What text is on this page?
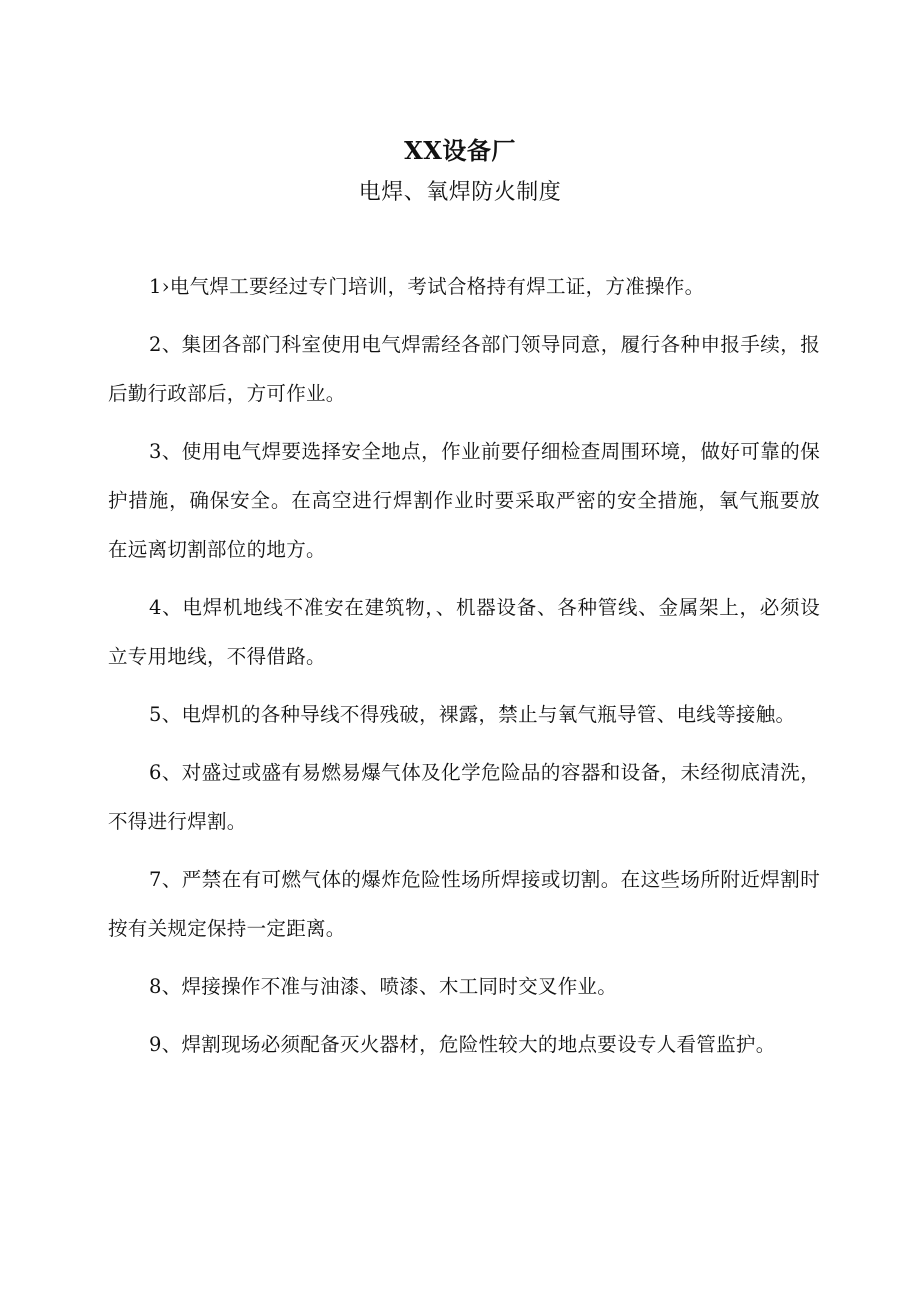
XX设备厂
电焊、氧焊防火制度

1›电气焊工要经过专门培训，考试合格持有焊工证，方准操作。

2、集团各部门科室使用电气焊需经各部门领导同意，履行各种申报手续，报后勤行政部后，方可作业。

3、使用电气焊要选择安全地点，作业前要仔细检查周围环境，做好可靠的保护措施，确保安全。在高空进行焊割作业时要采取严密的安全措施，氧气瓶要放在远离切割部位的地方。

4、电焊机地线不准安在建筑物，、机器设备、各种管线、金属架上，必须设立专用地线，不得借路。

5、电焊机的各种导线不得残破，裸露，禁止与氧气瓶导管、电线等接触。

6、对盛过或盛有易燃易爆气体及化学危险品的容器和设备，未经彻底清洗，不得进行焊割。

7、严禁在有可燃气体的爆炸危险性场所焊接或切割。在这些场所附近焊割时按有关规定保持一定距离。

8、焊接操作不准与油漆、喷漆、木工同时交叉作业。

9、焊割现场必须配备灭火器材，危险性较大的地点要设专人看管监护。
